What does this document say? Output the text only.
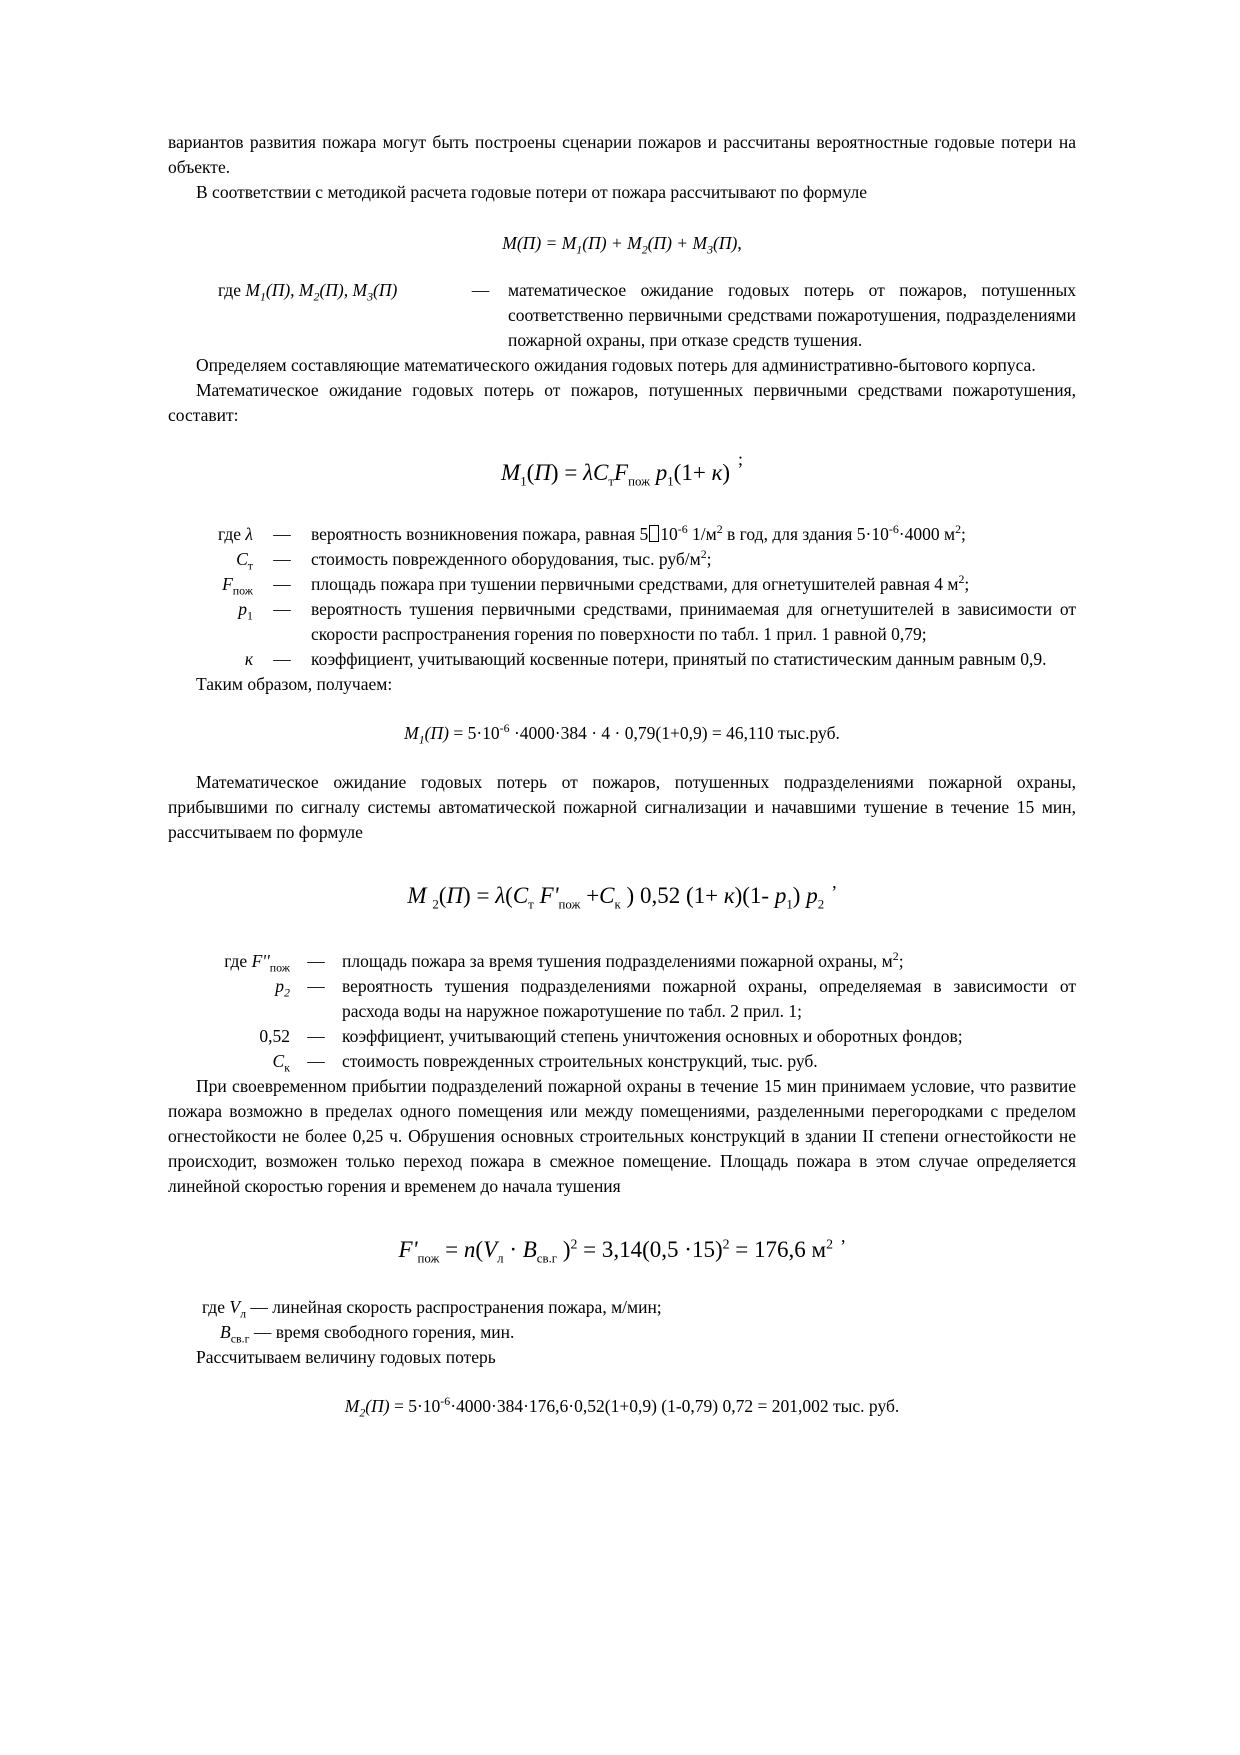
вариантов развития пожара могут быть построены сценарии пожаров и рассчитаны вероятностные годовые потери на объекте.

В соответствии с методикой расчета годовые потери от пожара рассчитывают по формуле

$М(П) = М_1(П) + М_2(П) + М_3(П)$,

где $М_1(П)$, $М_2(П)$, $М_3(П)$	—	математическое ожидание годовых потерь от пожаров, потушенных соответственно первичными средствами пожаротушения, подразделениями пожарной охраны, при отказе средств тушения.

Определяем составляющие математического ожидания годовых потерь для административно-бытового корпуса.

Математическое ожидание годовых потерь от пожаров, потушенных первичными средствами пожаротушения, составит:

$М_1(П) = \lambda С_тF_{пож}$ $p_1(1+ к)$;
где λ	—	вероятность возникновения пожара, равная 5 $10^{-6}$ $1/м^2$ в год, для здания $5\cdot 10^{-6}\cdot 4000$ $м^2$;
$С_т$	—	стоимость поврежденного оборудования, тыс. руб/$м^2$;
$F_{пож}$	—	площадь пожара при тушении первичными средствами, для огнетушителей равная 4 $м^2$;
$p_1$	—	вероятность тушения первичными средствами, принимаемая для огнетушителей в зависимости от скорости распространения горения по поверхности по табл. 1 прил. 1 равной 0,79;
к	—	коэффициент, учитывающий косвенные потери, принятый по статистическим данным равным 0,9.

Таким образом, получаем:

$М_1(П) = 5\cdot 10^{-6} \cdot 4000\cdot 384 \cdot 4 \cdot 0,79(1+0,9) = 46,110$ тыс.руб.

Математическое ожидание годовых потерь от пожаров, потушенных подразделениями пожарной охраны, прибывшими по сигналу системы автоматической пожарной сигнализации и начавшими тушение в течение 15 мин, рассчитываем по формуле

М $_2(П) = \lambda(С_т$ $F'_{пож} +С_к$ ) 0,52 (1+ к)(1- $p_1$) $p_2$,
где $F''_{пож}$ — площадь пожара за время тушения подразделениями пожарной охраны, $м^2$;
$p_2$ — вероятность тушения подразделениями пожарной охраны, определяемая в зависимости от расхода воды на наружное пожаротушение по табл. 2 прил. 1;
0,52 — коэффициент, учитывающий степень уничтожения основных и оборотных фондов;
$С_к$ — стоимость поврежденных строительных конструкций, тыс. руб.

При своевременном прибытии подразделений пожарной охраны в течение 15 мин принимаем условие, что развитие пожара возможно в пределах одного помещения или между помещениями, разделенными перегородками с пределом огнестойкости не более 0,25 ч. Обрушения основных строительных конструкций в здании II степени огнестойкости не происходит, возможен только переход пожара в смежное помещение. Площадь пожара в этом случае определяется линейной скоростью горения и временем до начала тушения

$F'_{пож} = n(V_л \cdot В_{св.г}$ )$^2 = 3,14(0,5 \cdot 15)^2 = 176,6$ $м^2$ ,

где $V_л$ — линейная скорость распространения пожара, м/мин;

$В_{св.г}$ — время свободного горения, мин.

Рассчитываем величину годовых потерь

$М_2(П) = 5\cdot 10^{-6}\cdot 4000\cdot 384\cdot 176,6\cdot 0,52(1+0,9)$ (1-0,79) 0,72 = 201,002 тыс. руб.
